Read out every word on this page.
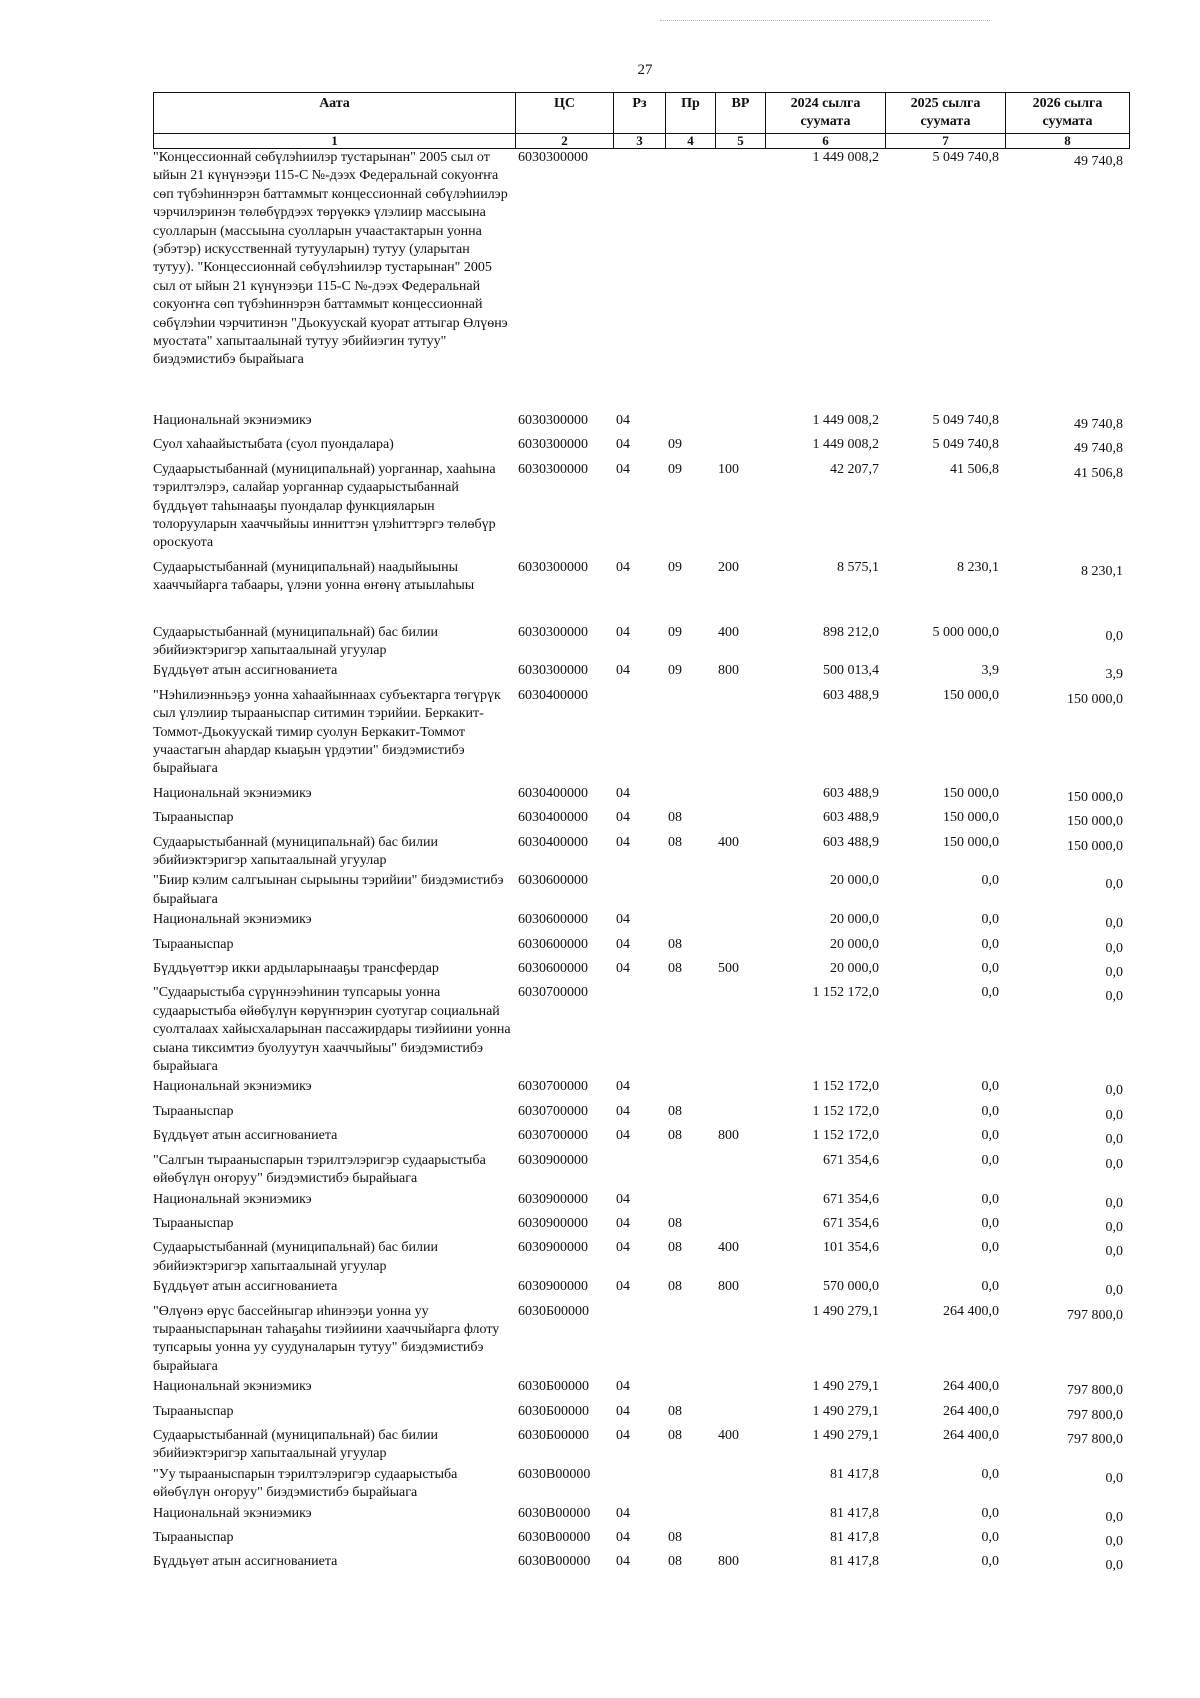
27
Аата	ЦС	Рз	Пр	ВР	2024 сылга суумата	2025 сылга суумата	2026 сылга суумата
1	2	3	4	5	6	7	8
"Концессионнай сөбүлэһиилэр тустарынан" 2005 сыл от ыйын 21 күнүнээҕи 115-С №-дээх Федеральнай сокуоҥҥа сөп түбэһиннэрэн баттаммыт концессионнай сөбүлэһиилэр чэрчилэринэн төлөбүрдээх төрүөккэ үлэлиир массыына суолларын (массыына суолларын учаастактарын уонна (эбэтэр) искусственнай тутууларын) тутуу (уларытан тутуу). "Концессионнай сөбүлэһиилэр тустарынан" 2005 сыл от ыйын 21 күнүнээҕи 115-С №-дээх Федеральнай сокуоҥҥа сөп түбэһиннэрэн баттаммыт концессионнай сөбүлэһии чэрчитинэн "Дьокуускай куорат аттыгар Өлүөнэ муостата" хапытаалынай тутуу эбийиэгин тутуу" биэдэмистибэ бырайыага	6030300000				1 449 008,2	5 049 740,8	49 740,8
Национальнай экэниэмикэ	6030300000	04			1 449 008,2	5 049 740,8	49 740,8
Суол хаһаайыстыбата (суол пуондалара)	6030300000	04	09		1 449 008,2	5 049 740,8	49 740,8
Судаарыстыбаннай (муниципальнай) уорганнар, хааһына тэрилтэлэрэ, салайар уорганнар судаарыстыбаннай бүддьүөт таһынааҕы пуондалар функцияларын толорууларын хааччыйыы инниттэн үлэһиттэргэ төлөбүр ороскуота	6030300000	04	09	100	42 207,7	41 506,8	41 506,8
Судаарыстыбаннай (муниципальнай) наадыйыыны хааччыйарга табаары, үлэни уонна өҥөнү атыылаһыы	6030300000	04	09	200	8 575,1	8 230,1	8 230,1
Судаарыстыбаннай (муниципальнай) бас билии эбийиэктэригэр хапытаалынай угуулар	6030300000	04	09	400	898 212,0	5 000 000,0	0,0
Бүддьүөт атын ассигнованиета	6030300000	04	09	800	500 013,4	3,9	3,9
"Нэһилиэнньэҕэ уонна хаһаайыннаах субъектарга төгүрүк сыл үлэлиир тырааныспар ситимин тэрийии. Беркакит-Томмот-Дьокуускай тимир суолун Беркакит-Томмот учаастагын аһардар кыаҕын үрдэтии" биэдэмистибэ бырайыага	6030400000				603 488,9	150 000,0	150 000,0
Национальнай экэниэмикэ	6030400000	04			603 488,9	150 000,0	150 000,0
Тырааныспар	6030400000	04	08		603 488,9	150 000,0	150 000,0
Судаарыстыбаннай (муниципальнай) бас билии эбийиэктэригэр хапытаалынай угуулар	6030400000	04	08	400	603 488,9	150 000,0	150 000,0
"Биир кэлим салгыынан сырыыны тэрийии" биэдэмистибэ бырайыага	6030600000				20 000,0	0,0	0,0
Национальнай экэниэмикэ	6030600000	04			20 000,0	0,0	0,0
Тырааныспар	6030600000	04	08		20 000,0	0,0	0,0
Бүддьүөттэр икки ардыларынааҕы трансфердар	6030600000	04	08	500	20 000,0	0,0	0,0
"Судаарыстыба сүрүннээһинин тупсарыы уонна судаарыстыба өйөбүлүн көрүҥнэрин суотугар социальнай суолталаах хайысхаларынан пассажирдары тиэйиини уонна сыана тиксимтиэ буолуутун хааччыйыы" биэдэмистибэ бырайыага	6030700000				1 152 172,0	0,0	0,0
Национальнай экэниэмикэ	6030700000	04			1 152 172,0	0,0	0,0
Тырааныспар	6030700000	04	08		1 152 172,0	0,0	0,0
Бүддьүөт атын ассигнованиета	6030700000	04	08	800	1 152 172,0	0,0	0,0
"Салгын тырааныспарын тэрилтэлэригэр судаарыстыба өйөбүлүн оҥоруу" биэдэмистибэ бырайыага	6030900000				671 354,6	0,0	0,0
Национальнай экэниэмикэ	6030900000	04			671 354,6	0,0	0,0
Тырааныспар	6030900000	04	08		671 354,6	0,0	0,0
Судаарыстыбаннай (муниципальнай) бас билии эбийиэктэригэр хапытаалынай угуулар	6030900000	04	08	400	101 354,6	0,0	0,0
Бүддьүөт атын ассигнованиета	6030900000	04	08	800	570 000,0	0,0	0,0
"Өлүөнэ өрүс бассейныгар иһинээҕи уонна уу тырааныспарынан таһаҕаһы тиэйиини хааччыйарга флоту тупсарыы уонна уу суудуналарын тутуу" биэдэмистибэ бырайыага	6030Б00000				1 490 279,1	264 400,0	797 800,0
Национальнай экэниэмикэ	6030Б00000	04			1 490 279,1	264 400,0	797 800,0
Тырааныспар	6030Б00000	04	08		1 490 279,1	264 400,0	797 800,0
Судаарыстыбаннай (муниципальнай) бас билии эбийиэктэригэр хапытаалынай угуулар	6030Б00000	04	08	400	1 490 279,1	264 400,0	797 800,0
"Уу тырааныспарын тэрилтэлэригэр судаарыстыба өйөбүлүн оҥоруу" биэдэмистибэ бырайыага	6030В00000				81 417,8	0,0	0,0
Национальнай экэниэмикэ	6030В00000	04			81 417,8	0,0	0,0
Тырааныспар	6030В00000	04	08		81 417,8	0,0	0,0
Бүддьүөт атын ассигнованиета	6030В00000	04	08	800	81 417,8	0,0	0,0
